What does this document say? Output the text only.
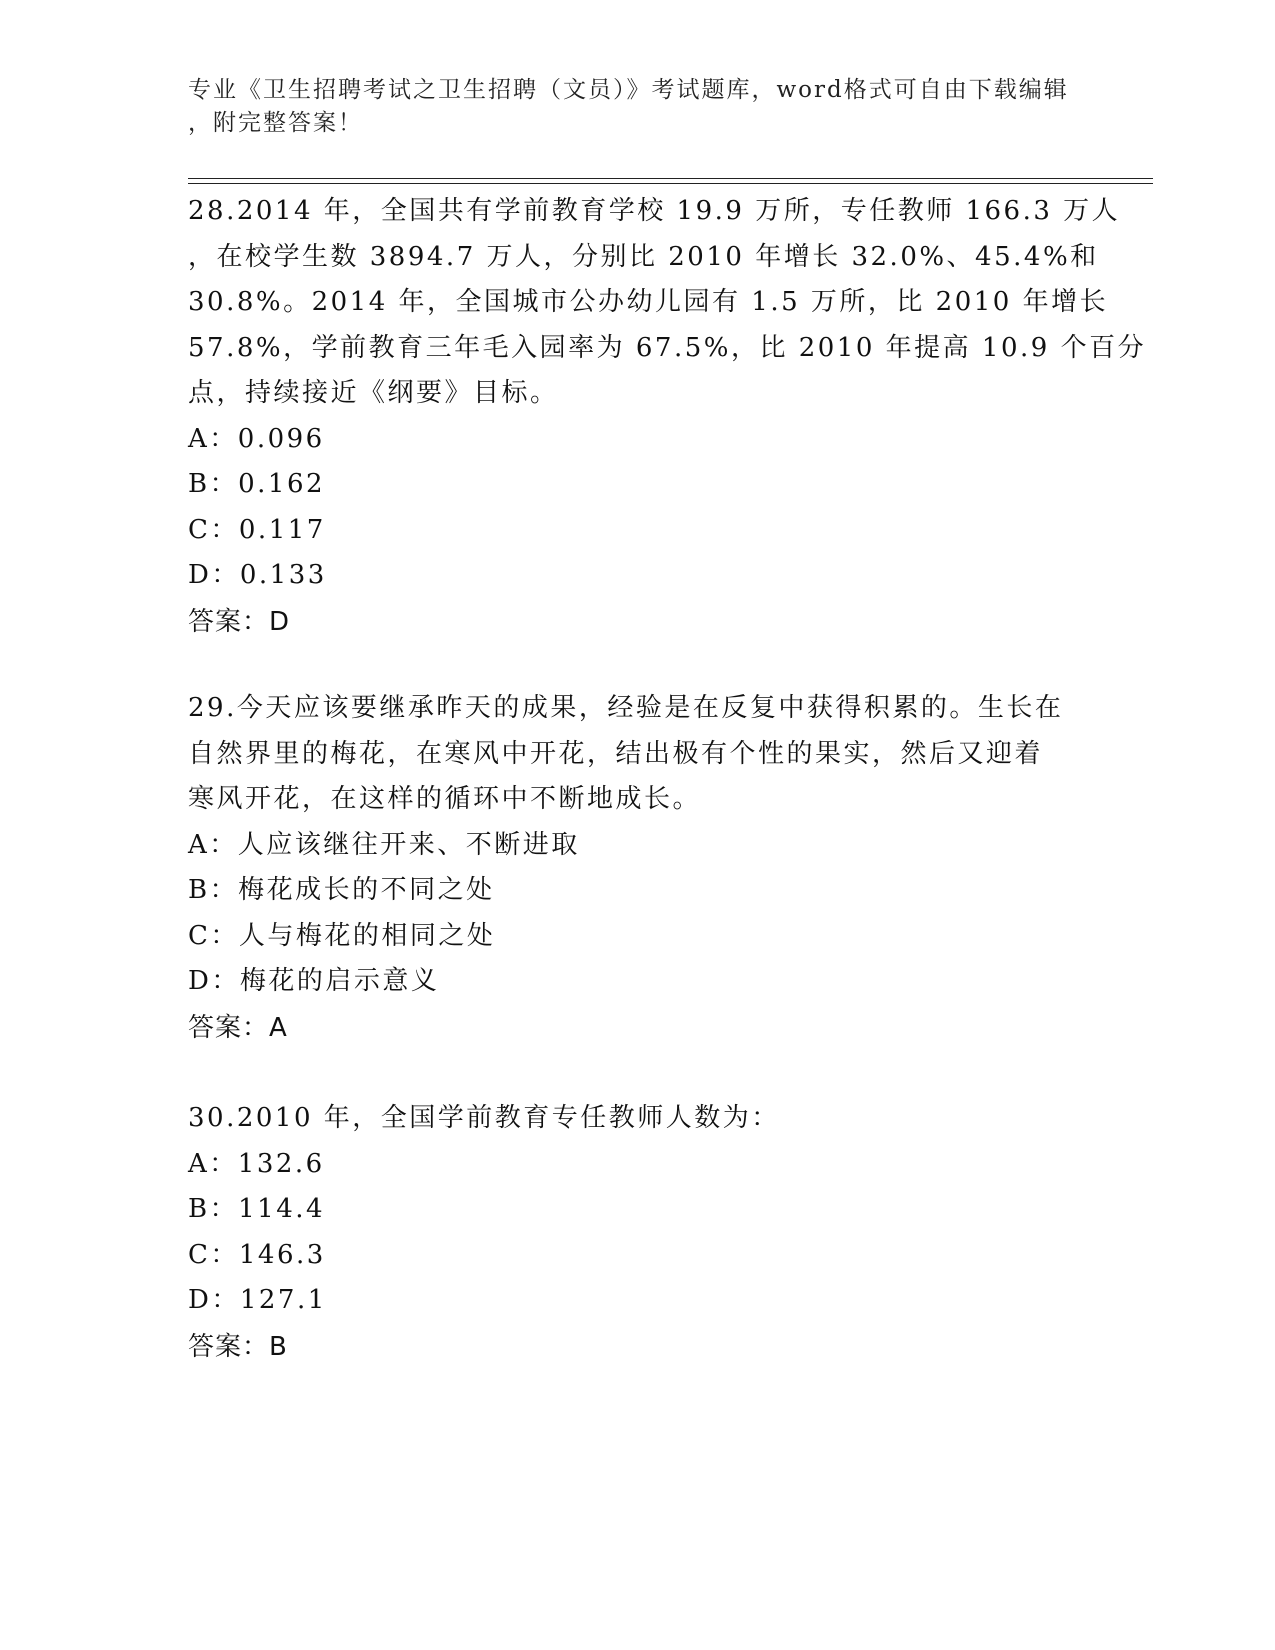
专业《卫生招聘考试之卫生招聘（文员）》考试题库，word格式可自由下载编辑
，附完整答案！
28.2014 年，全国共有学前教育学校 19.9 万所，专任教师 166.3 万人
，在校学生数 3894.7 万人，分别比 2010 年增长 32.0%、45.4%和
30.8%。2014 年，全国城市公办幼儿园有 1.5 万所，比 2010 年增长
57.8%，学前教育三年毛入园率为 67.5%，比 2010 年提高 10.9 个百分
点，持续接近《纲要》目标。
A：0.096
B：0.162
C：0.117
D：0.133
答案：D
29.今天应该要继承昨天的成果，经验是在反复中获得积累的。生长在
自然界里的梅花，在寒风中开花，结出极有个性的果实，然后又迎着
寒风开花，在这样的循环中不断地成长。
A：人应该继往开来、不断进取
B：梅花成长的不同之处
C：人与梅花的相同之处
D：梅花的启示意义
答案：A
30.2010 年，全国学前教育专任教师人数为：
A：132.6
B：114.4
C：146.3
D：127.1
答案：B
